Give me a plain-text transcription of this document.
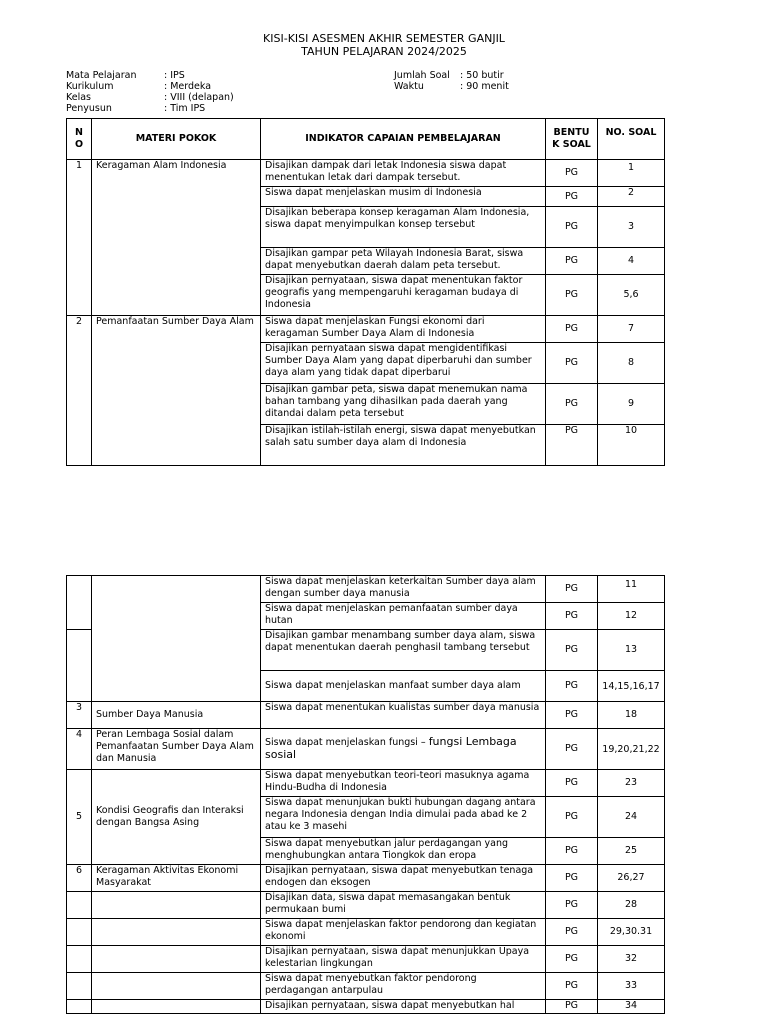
KISI-KISI ASESMEN AKHIR SEMESTER GANJIL
TAHUN PELAJARAN 2024/2025
Mata Pelajaran	: IPS
Kurikulum	: Merdeka
Kelas	: VIII (delapan)
Penyusun	: Tim IPS
Jumlah Soal	: 50 butir
Waktu	: 90 menit
N O	MATERI POKOK	INDIKATOR CAPAIAN PEMBELAJARAN	BENTU K SOAL	NO. SOAL
1	Keragaman Alam Indonesia	Disajikan dampak dari letak Indonesia siswa dapat menentukan letak dari dampak tersebut.	PG	1
		Siswa dapat menjelaskan musim di Indonesia	PG	2
		Disajikan beberapa konsep keragaman Alam Indonesia, siswa dapat menyimpulkan konsep tersebut	PG	3
		Disajikan gampar peta Wilayah Indonesia Barat, siswa dapat menyebutkan daerah dalam peta tersebut.	PG	4
		Disajikan pernyataan, siswa dapat menentukan faktor geografis yang mempengaruhi keragaman budaya di Indonesia	PG	5,6
2	Pemanfaatan Sumber Daya Alam	Siswa dapat menjelaskan Fungsi ekonomi dari keragaman Sumber Daya Alam di Indonesia	PG	7
		Disajikan pernyataan siswa dapat mengidentifikasi Sumber Daya Alam yang dapat diperbaruhi dan sumber daya alam yang tidak dapat diperbarui	PG	8
		Disajikan gambar peta, siswa dapat menemukan nama bahan tambang yang dihasilkan pada daerah yang ditandai dalam peta tersebut	PG	9
		Disajikan istilah-istilah energi, siswa dapat menyebutkan salah satu sumber daya alam di Indonesia	PG	10
		Siswa dapat menjelaskan keterkaitan Sumber daya alam dengan sumber daya manusia	PG	11
		Siswa dapat menjelaskan pemanfaatan sumber daya hutan	PG	12
		Disajikan gambar menambang sumber daya alam, siswa dapat menentukan daerah penghasil tambang tersebut	PG	13
		Siswa dapat menjelaskan manfaat sumber daya alam	PG	14,15,16,17
3	Sumber Daya Manusia	Siswa dapat menentukan kualistas sumber daya manusia	PG	18
4	Peran Lembaga Sosial dalam Pemanfaatan Sumber Daya Alam dan Manusia	Siswa dapat menjelaskan fungsi – fungsi Lembaga sosial	PG	19,20,21,22
5	Kondisi Geografis dan Interaksi dengan Bangsa Asing	Siswa dapat menyebutkan teori-teori masuknya agama Hindu-Budha di Indonesia	PG	23
		Siswa dapat menunjukan bukti hubungan dagang antara negara Indonesia dengan India dimulai pada abad ke 2 atau ke 3 masehi	PG	24
		Siswa dapat menyebutkan jalur perdagangan yang menghubungkan antara Tiongkok dan eropa	PG	25
6	Keragaman Aktivitas Ekonomi Masyarakat	Disajikan pernyataan, siswa dapat menyebutkan tenaga endogen dan eksogen	PG	26,27
		Disajikan data, siswa dapat memasangakan bentuk permukaan bumi	PG	28
		Siswa dapat menjelaskan faktor pendorong dan kegiatan ekonomi	PG	29,30.31
		Disajikan pernyataan, siswa dapat menunjukkan Upaya kelestarian lingkungan	PG	32
		Siswa dapat menyebutkan faktor pendorong perdagangan antarpulau	PG	33
		Disajikan pernyataan, siswa dapat menyebutkan hal	PG	34
